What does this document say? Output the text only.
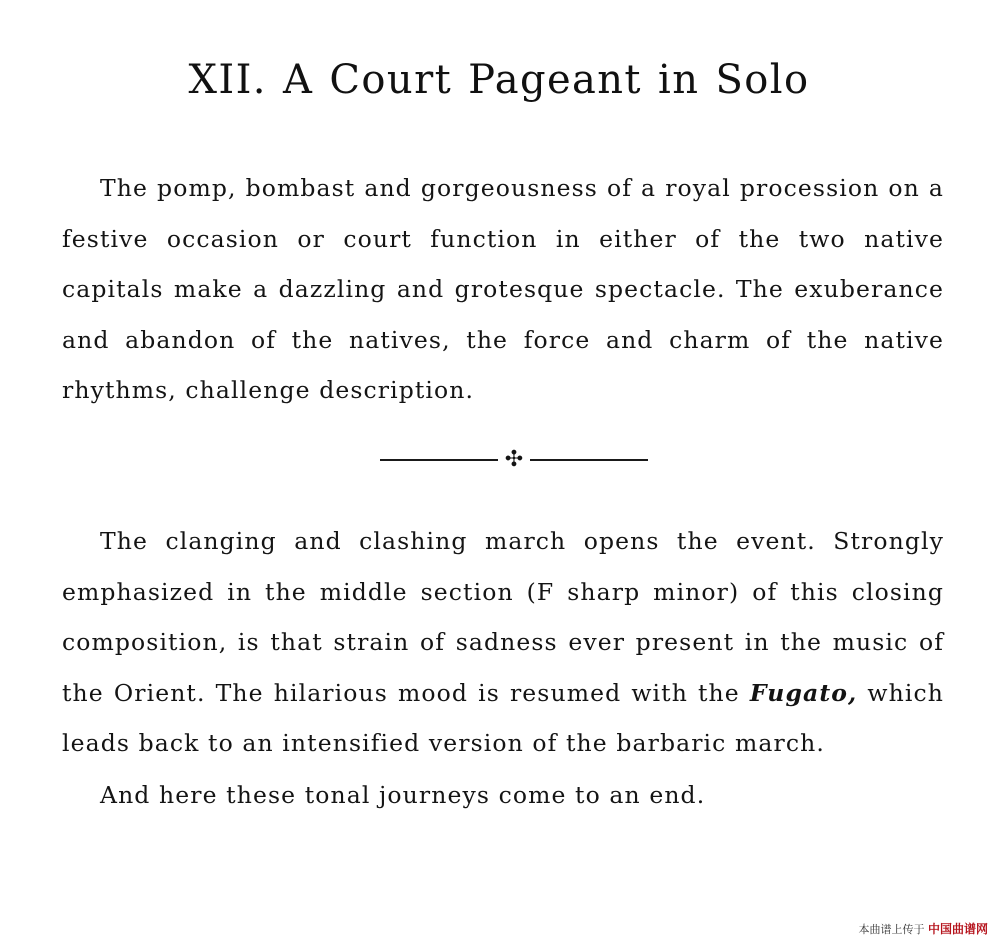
XII. A Court Pageant in Solo

The pomp, bombast and gorgeousness of a royal procession on a festive occasion or court function in either of the two native capitals make a dazzling and grotesque spectacle. The exuberance and abandon of the natives, the force and charm of the native rhythms, challenge description.

✣

The clanging and clashing march opens the event. Strongly emphasized in the middle section (F sharp minor) of this closing composition, is that strain of sadness ever present in the music of the Orient. The hilarious mood is resumed with the Fugato, which leads back to an intensified version of the barbaric march.

And here these tonal journeys come to an end.
本曲谱上传于 中国曲谱网
